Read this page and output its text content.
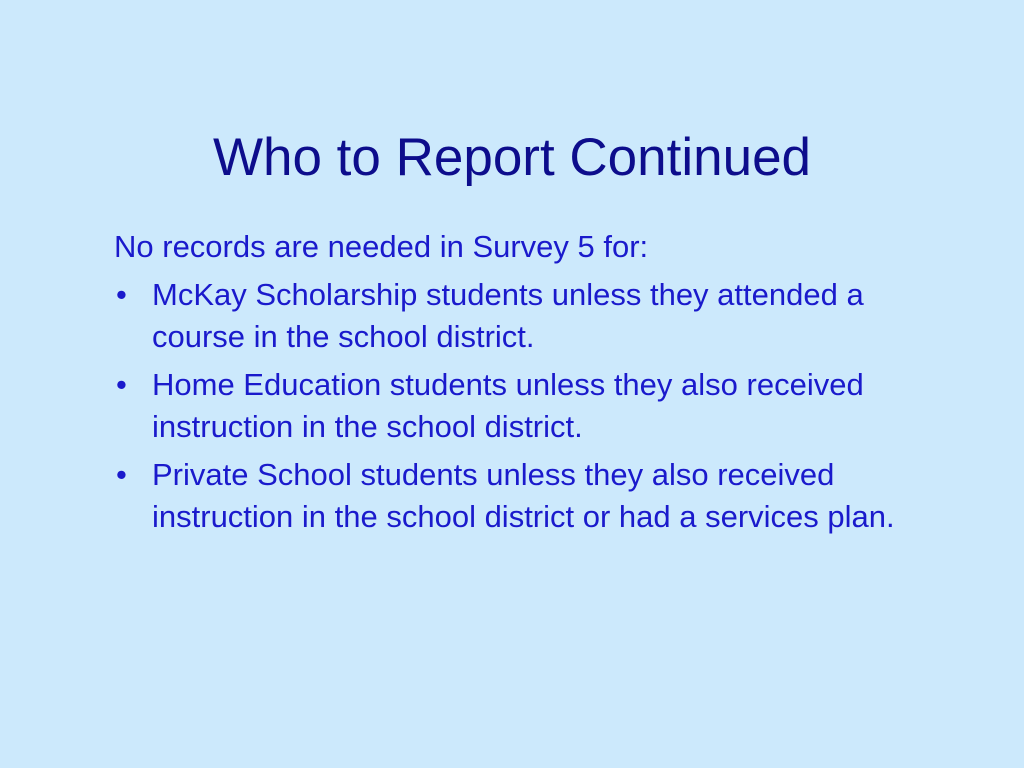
Who to Report Continued

No records are needed in Survey 5 for:

• McKay Scholarship students unless they attended a course in the school district.
• Home Education students unless they also received instruction in the school district.
• Private School students unless they also received instruction in the school district or had a services plan.
